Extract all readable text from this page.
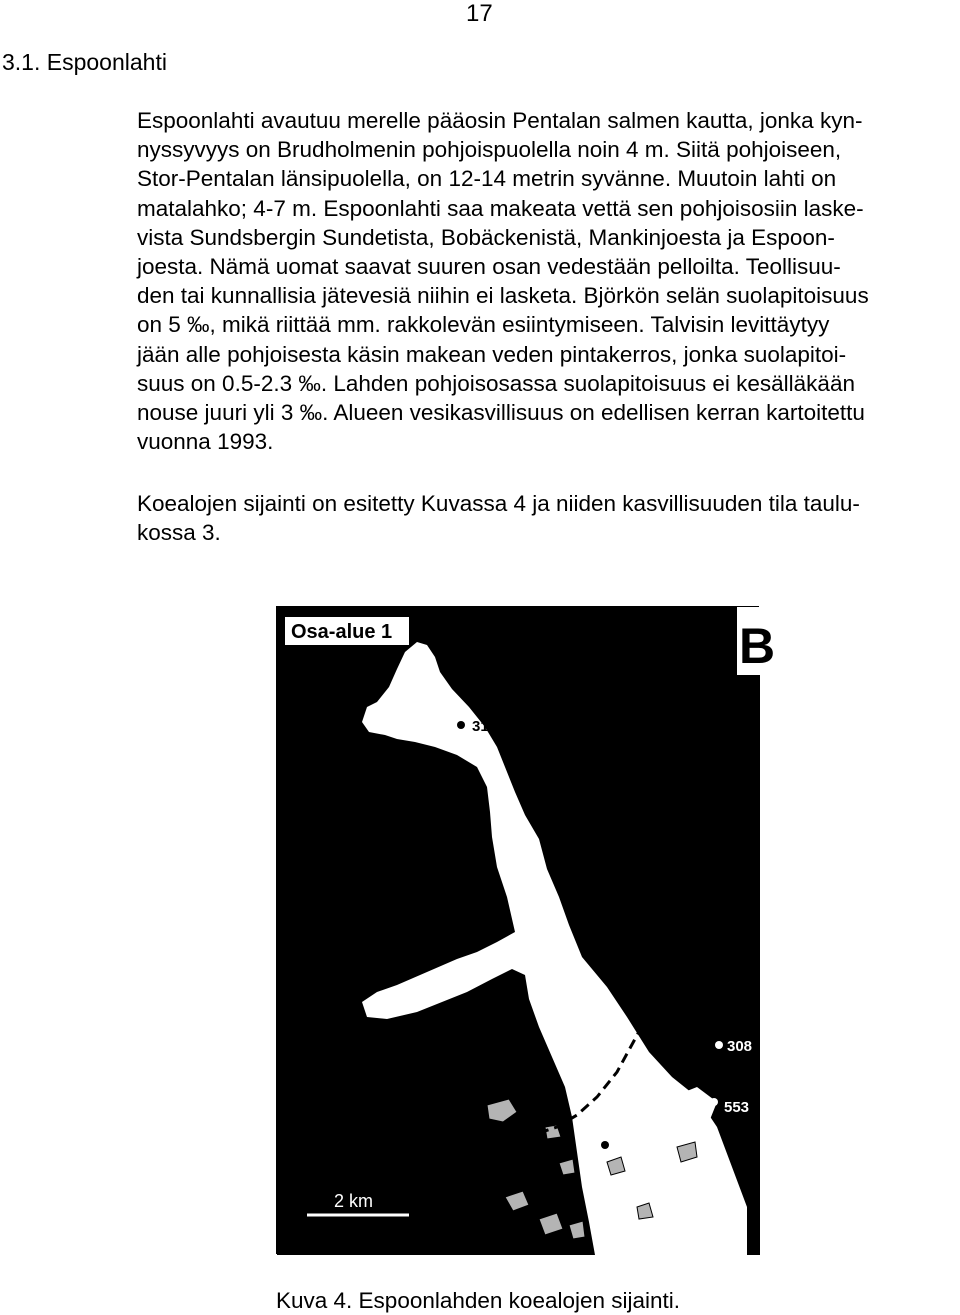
17
3.1. Espoonlahti

Espoonlahti avautuu merelle pääosin Pentalan salmen kautta, jonka kyn-
nyssyvyys on Brudholmenin pohjoispuolella noin 4 m. Siitä pohjoiseen,
Stor-Pentalan länsipuolella, on 12-14 metrin syvänne. Muutoin lahti on
matalahko; 4-7 m. Espoonlahti saa makeata vettä sen pohjoisosiin laske-
vista Sundsbergin Sundetista, Bobäckenistä, Mankinjoesta ja Espoon-
joesta. Nämä uomat saavat suuren osan vedestään pelloilta. Teollisuu-
den tai kunnallisia jätevesiä niihin ei lasketa. Björkön selän suolapitoisuus
on 5 ‰, mikä riittää mm. rakkolevän esiintymiseen. Talvisin levittäytyy
jään alle pohjoisesta käsin makean veden pintakerros, jonka suolapitoi-
suus on 0.5-2.3 ‰. Lahden pohjoisosassa suolapitoisuus ei kesälläkään
nouse juuri yli 3 ‰. Alueen vesikasvillisuus on edellisen kerran kartoitettu
vuonna 1993.

Koealojen sijainti on esitetty Kuvassa 4 ja niiden kasvillisuuden tila taulu-
kossa 3.

2 km
Osa-alue 1	B
316
314
312
309
308
553
318
73B
319
Kuva 4. Espoonlahden koealojen sijainti.
